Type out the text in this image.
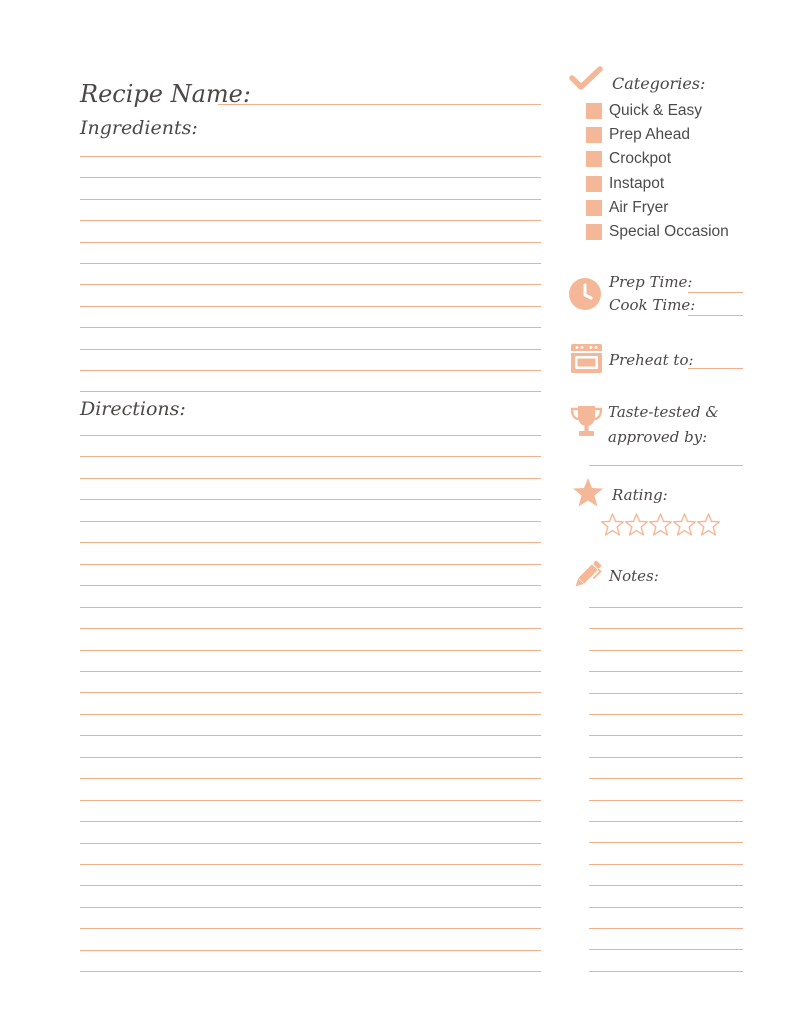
Recipe Name:
Ingredients:
Directions:
Categories:
Quick & Easy
Prep Ahead
Crockpot
Instapot
Air Fryer
Special Occasion
Prep Time:
Cook Time:
Preheat to:
Taste-tested &
approved by:
Rating:
Notes:
